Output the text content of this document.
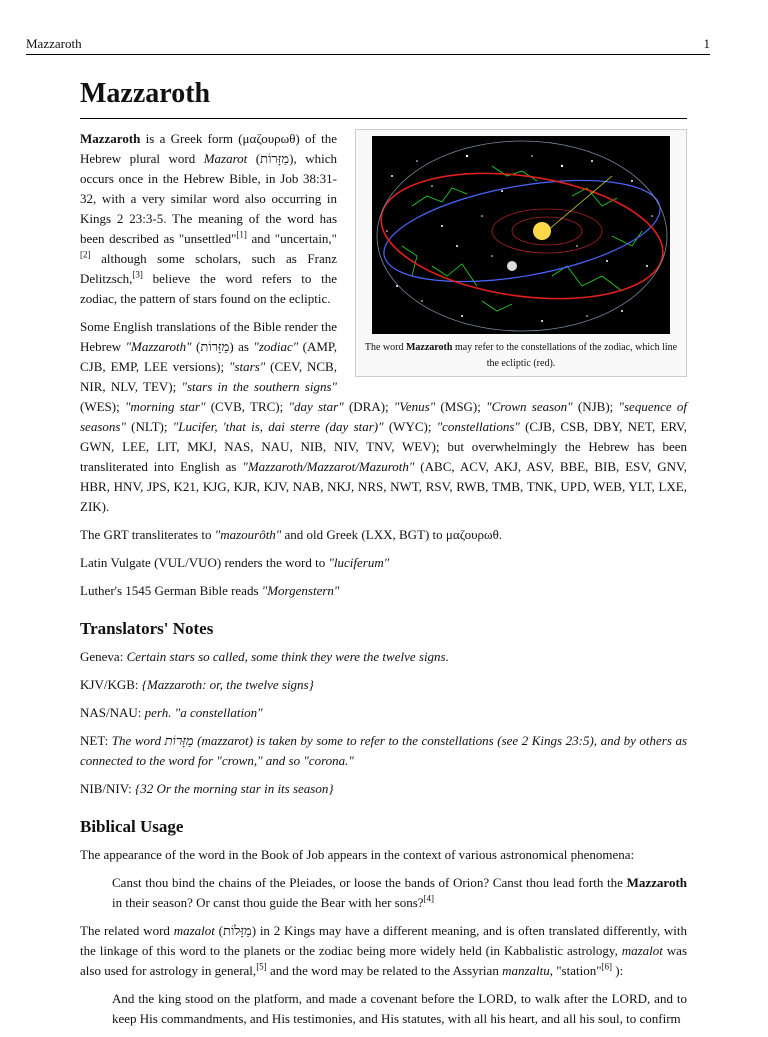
Mazzaroth	1
Mazzaroth
The word Mazzaroth may refer to the constellations of the zodiac, which line the ecliptic (red).

Mazzaroth is a Greek form (μαζουρωθ) of the Hebrew plural word Mazarot (מַזָּרוֹת), which occurs once in the Hebrew Bible, in Job 38:31-32, with a very similar word also occurring in Kings 2 23:3-5. The meaning of the word has been described as "unsettled"[1] and "uncertain,"[2] although some scholars, such as Franz Delitzsch,[3] believe the word refers to the zodiac, the pattern of stars found on the ecliptic.

Some English translations of the Bible render the Hebrew "Mazzaroth" (מַזָּרוֹת) as "zodiac" (AMP, CJB, EMP, LEE versions); "stars" (CEV, NCB, NIR, NLV, TEV); "stars in the southern signs" (WES); "morning star" (CVB, TRC); "day star" (DRA); "Venus" (MSG); "Crown season" (NJB); "sequence of seasons" (NLT); "Lucifer, 'that is, dai sterre (day star)" (WYC); "constellations" (CJB, CSB, DBY, NET, ERV, GWN, LEE, LIT, MKJ, NAS, NAU, NIB, NIV, TNV, WEV); but overwhelmingly the Hebrew has been transliterated into English as "Mazzaroth/Mazzarot/Mazuroth" (ABC, ACV, AKJ, ASV, BBE, BIB, ESV, GNV, HBR, HNV, JPS, K21, KJG, KJR, KJV, NAB, NKJ, NRS, NWT, RSV, RWB, TMB, TNK, UPD, WEB, YLT, LXE, ZIK).

The GRT transliterates to "mazourôth" and old Greek (LXX, BGT) to μαζουρωθ.

Latin Vulgate (VUL/VUO) renders the word to "luciferum"

Luther's 1545 German Bible reads "Morgenstern"

Translators' Notes

Geneva: Certain stars so called, some think they were the twelve signs.

KJV/KGB: {Mazzaroth: or, the twelve signs}

NAS/NAU: perh. "a constellation"

NET: The word מַזָּרוֹת (mazzarot) is taken by some to refer to the constellations (see 2 Kings 23:5), and by others as connected to the word for "crown," and so "corona."

NIB/NIV: {32 Or the morning star in its season}

Biblical Usage

The appearance of the word in the Book of Job appears in the context of various astronomical phenomena:

Canst thou bind the chains of the Pleiades, or loose the bands of Orion? Canst thou lead forth the Mazzaroth in their season? Or canst thou guide the Bear with her sons?[4]

The related word mazalot (מַזָּלוֹת) in 2 Kings may have a different meaning, and is often translated differently, with the linkage of this word to the planets or the zodiac being more widely held (in Kabbalistic astrology, mazalot was also used for astrology in general,[5] and the word may be related to the Assyrian manzaltu, "station"[6] ):

And the king stood on the platform, and made a covenant before the LORD, to walk after the LORD, and to keep His commandments, and His testimonies, and His statutes, with all his heart, and all his soul, to confirm
